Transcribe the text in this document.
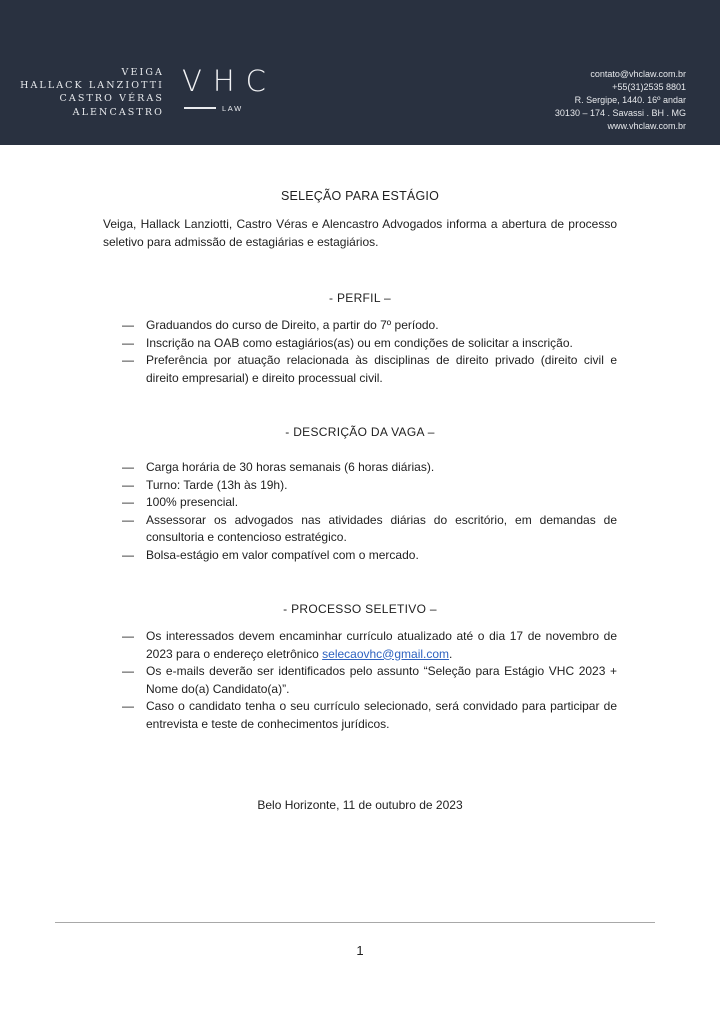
VEIGA
HALLACK LANZIOTTI
CASTRO VÉRAS
ALENCASTRO
VHC
LAW
contato@vhclaw.com.br
+55(31)2535 8801
R. Sergipe, 1440. 16º andar
30130 – 174 . Savassi . BH . MG
www.vhclaw.com.br
SELEÇÃO PARA ESTÁGIO
Veiga, Hallack Lanziotti, Castro Véras e Alencastro Advogados informa a abertura de processo seletivo para admissão de estagiárias e estagiários.
- PERFIL –
— Graduandos do curso de Direito, a partir do 7º período.
— Inscrição na OAB como estagiários(as) ou em condições de solicitar a inscrição.
— Preferência por atuação relacionada às disciplinas de direito privado (direito civil e direito empresarial) e direito processual civil.
- DESCRIÇÃO DA VAGA –
— Carga horária de 30 horas semanais (6 horas diárias).
— Turno: Tarde (13h às 19h).
— 100% presencial.
— Assessorar os advogados nas atividades diárias do escritório, em demandas de consultoria e contencioso estratégico.
— Bolsa-estágio em valor compatível com o mercado.
- PROCESSO SELETIVO –
— Os interessados devem encaminhar currículo atualizado até o dia 17 de novembro de 2023 para o endereço eletrônico selecaovhc@gmail.com.
— Os e-mails deverão ser identificados pelo assunto “Seleção para Estágio VHC 2023 + Nome do(a) Candidato(a)”.
— Caso o candidato tenha o seu currículo selecionado, será convidado para participar de entrevista e teste de conhecimentos jurídicos.
Belo Horizonte, 11 de outubro de 2023
1
